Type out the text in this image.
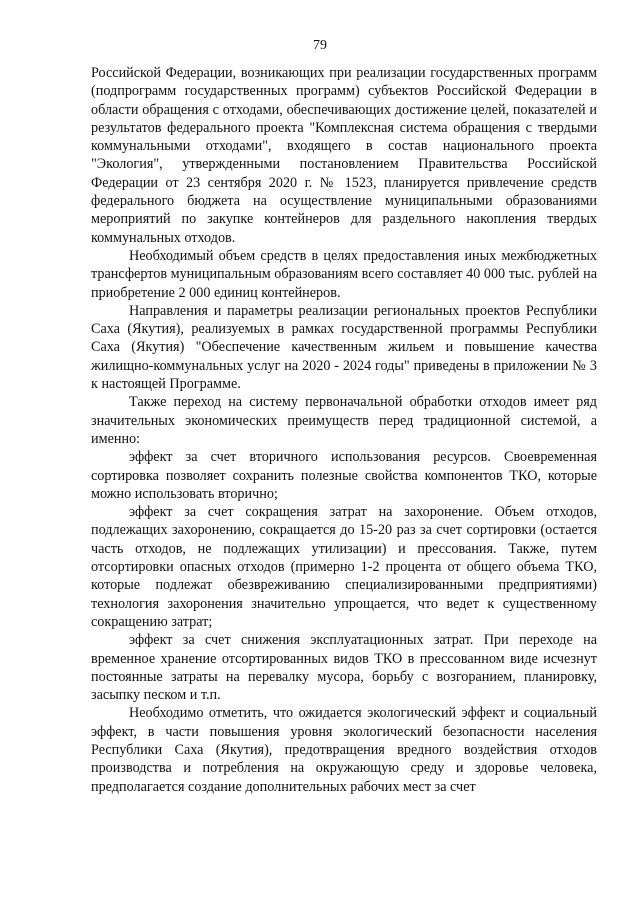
79

Российской Федерации, возникающих при реализации государственных программ (подпрограмм государственных программ) субъектов Российской Федерации в области обращения с отходами, обеспечивающих достижение целей, показателей и результатов федерального проекта "Комплексная система обращения с твердыми коммунальными отходами", входящего в состав национального проекта "Экология", утвержденными постановлением Правительства Российской Федерации от 23 сентября 2020 г. № 1523, планируется привлечение средств федерального бюджета на осуществление муниципальными образованиями мероприятий по закупке контейнеров для раздельного накопления твердых коммунальных отходов.

Необходимый объем средств в целях предоставления иных межбюджетных трансфертов муниципальным образованиям всего составляет 40 000 тыс. рублей на приобретение 2 000 единиц контейнеров.

Направления и параметры реализации региональных проектов Республики Саха (Якутия), реализуемых в рамках государственной программы Республики Саха (Якутия) "Обеспечение качественным жильем и повышение качества жилищно-коммунальных услуг на 2020 - 2024 годы" приведены в приложении № 3 к настоящей Программе.

Также переход на систему первоначальной обработки отходов имеет ряд значительных экономических преимуществ перед традиционной системой, а именно:

эффект за счет вторичного использования ресурсов. Своевременная сортировка позволяет сохранить полезные свойства компонентов ТКО, которые можно использовать вторично;

эффект за счет сокращения затрат на захоронение. Объем отходов, подлежащих захоронению, сокращается до 15-20 раз за счет сортировки (остается часть отходов, не подлежащих утилизации) и прессования. Также, путем отсортировки опасных отходов (примерно 1-2 процента от общего объема ТКО, которые подлежат обезвреживанию специализированными предприятиями) технология захоронения значительно упрощается, что ведет к существенному сокращению затрат;

эффект за счет снижения эксплуатационных затрат. При переходе на временное хранение отсортированных видов ТКО в прессованном виде исчезнут постоянные затраты на перевалку мусора, борьбу с возгоранием, планировку, засыпку песком и т.п.

Необходимо отметить, что ожидается экологический эффект и социальный эффект, в части повышения уровня экологический безопасности населения Республики Саха (Якутия), предотвращения вредного воздействия отходов производства и потребления на окружающую среду и здоровье человека, предполагается создание дополнительных рабочих мест за счет
